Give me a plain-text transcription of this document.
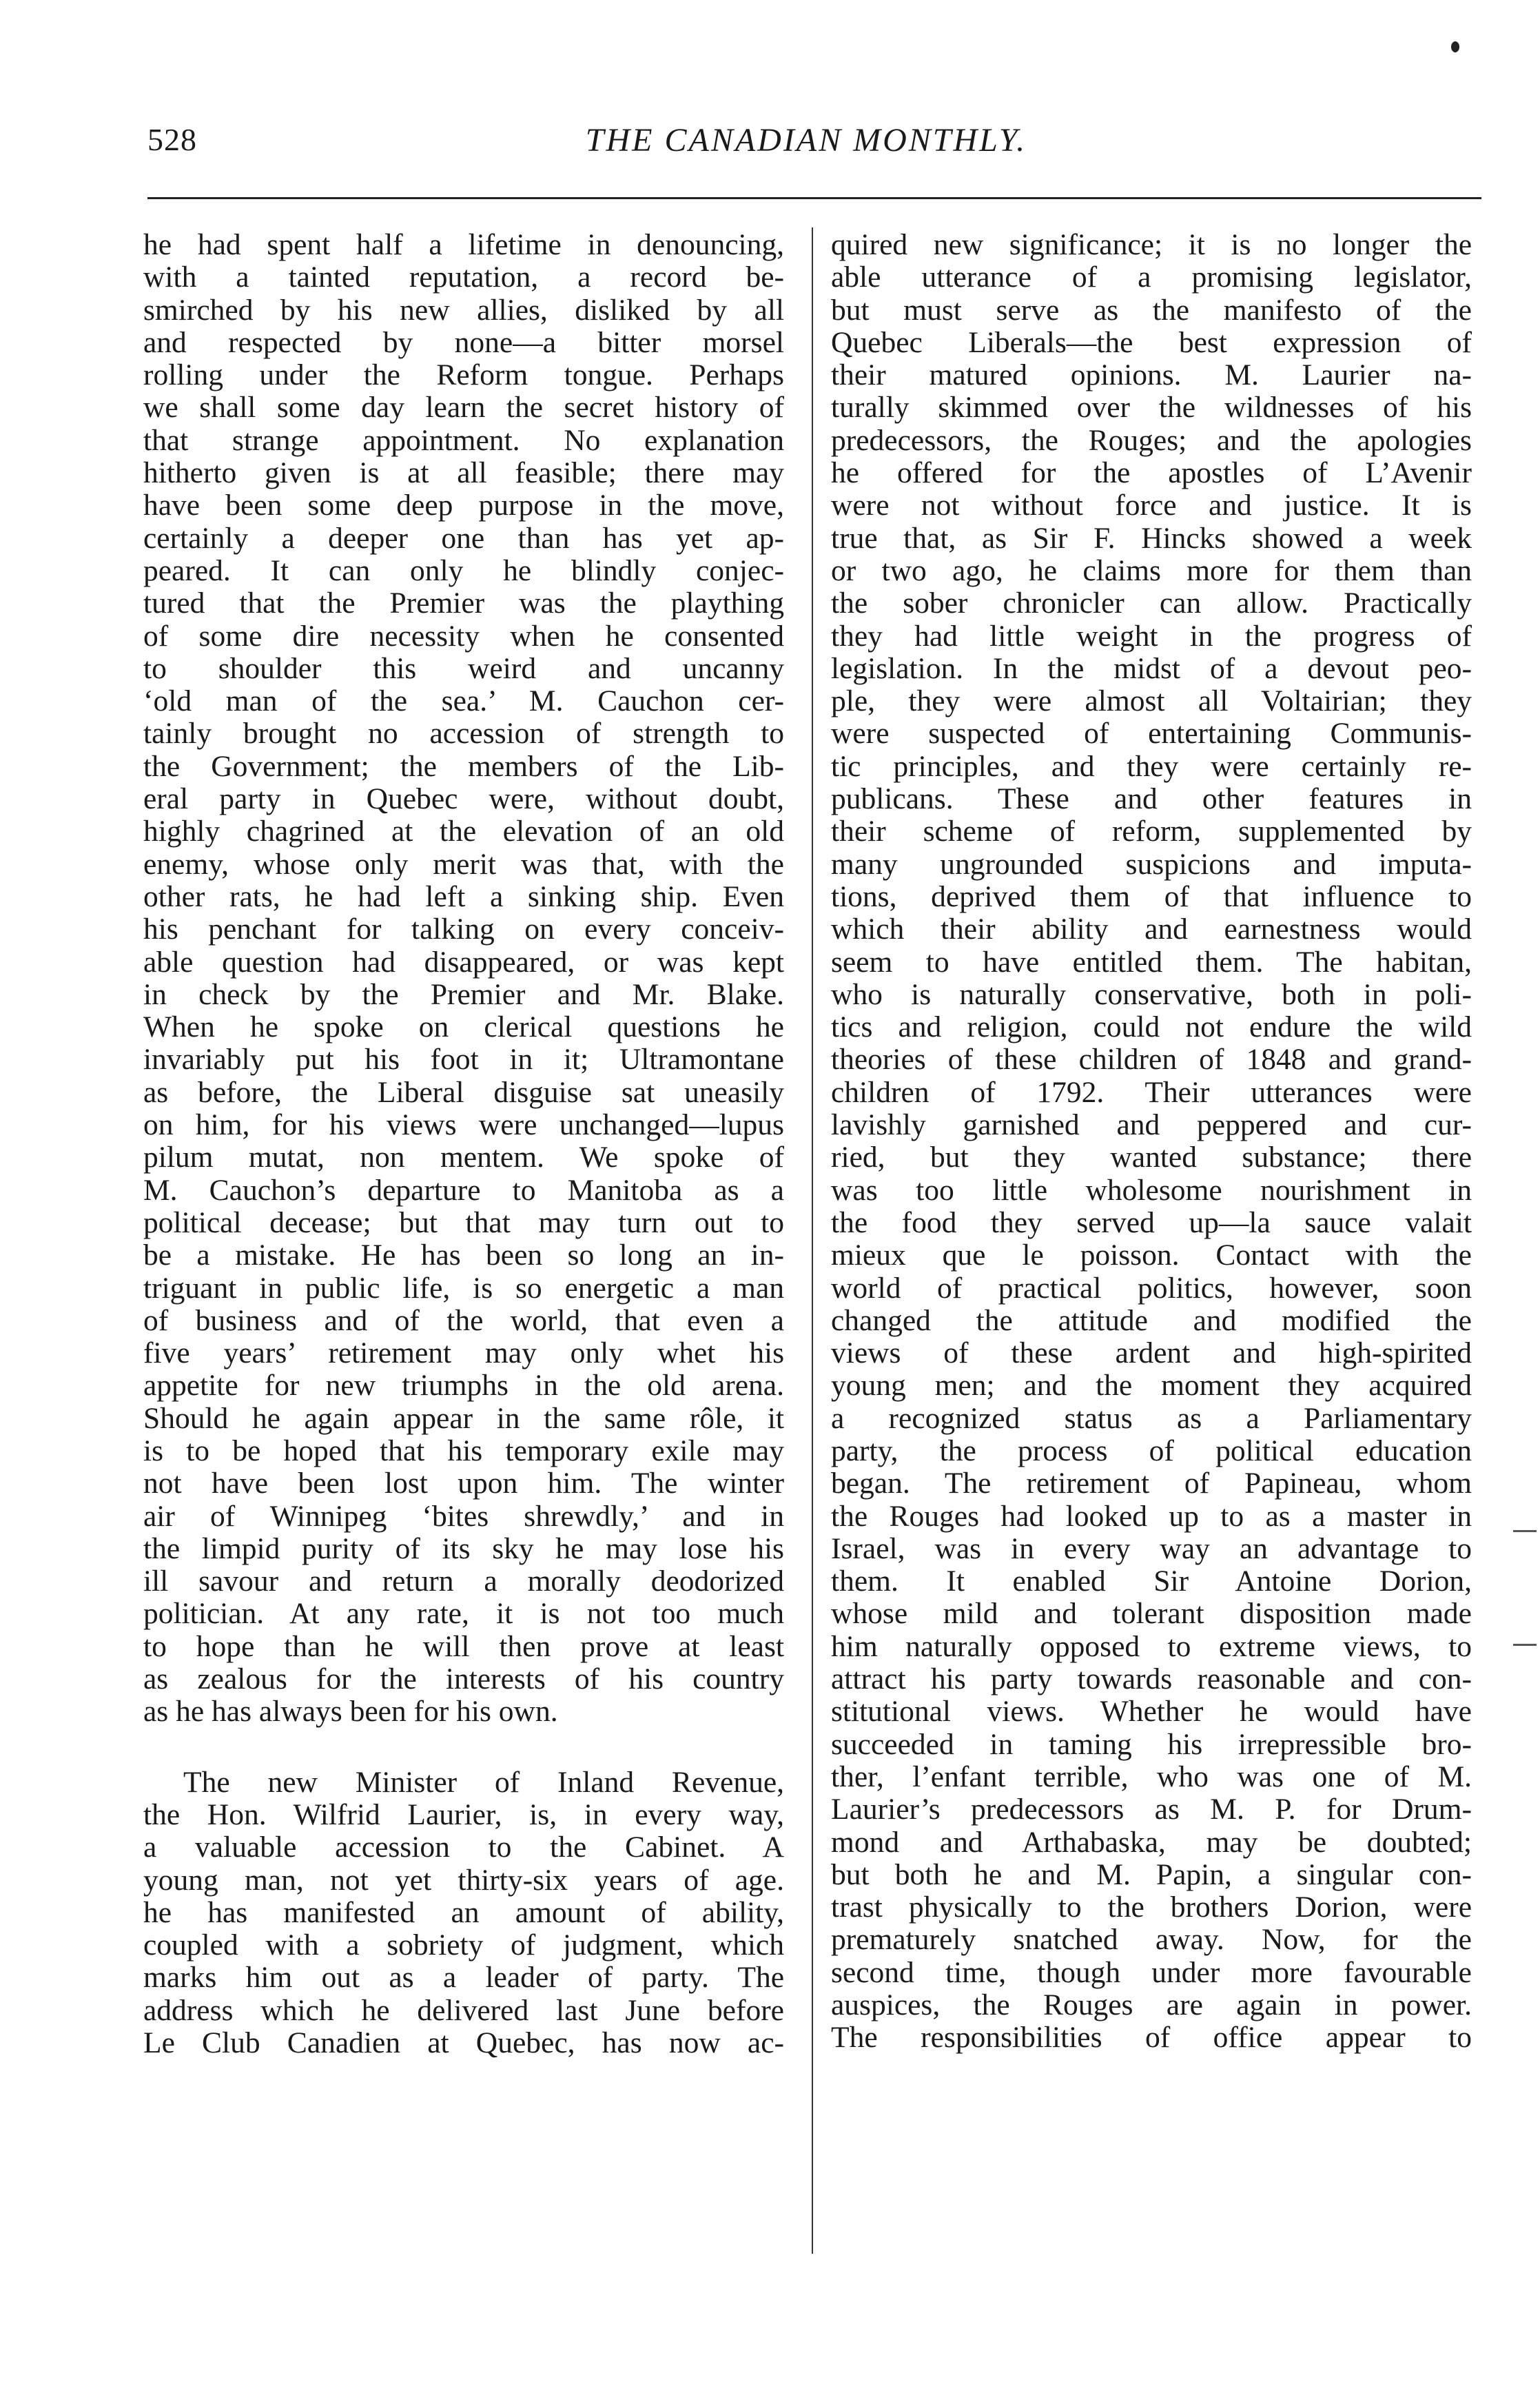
528	THE CANADIAN MONTHLY.
he had spent half a lifetime in denouncing,
with a tainted reputation, a record be-
smirched by his new allies, disliked by all
and respected by none—a bitter morsel
rolling under the Reform tongue. Perhaps
we shall some day learn the secret history of
that strange appointment. No explanation
hitherto given is at all feasible; there may
have been some deep purpose in the move,
certainly a deeper one than has yet ap-
peared. It can only he blindly conjec-
tured that the Premier was the plaything
of some dire necessity when he consented
to shoulder this weird and uncanny
‘old man of the sea.’ M. Cauchon cer-
tainly brought no accession of strength to
the Government; the members of the Lib-
eral party in Quebec were, without doubt,
highly chagrined at the elevation of an old
enemy, whose only merit was that, with the
other rats, he had left a sinking ship. Even
his penchant for talking on every conceiv-
able question had disappeared, or was kept
in check by the Premier and Mr. Blake.
When he spoke on clerical questions he
invariably put his foot in it; Ultramontane
as before, the Liberal disguise sat uneasily
on him, for his views were unchanged—lupus
pilum mutat, non mentem. We spoke of
M. Cauchon’s departure to Manitoba as a
political decease; but that may turn out to
be a mistake. He has been so long an in-
triguant in public life, is so energetic a man
of business and of the world, that even a
five years’ retirement may only whet his
appetite for new triumphs in the old arena.
Should he again appear in the same rôle, it
is to be hoped that his temporary exile may
not have been lost upon him. The winter
air of Winnipeg ‘bites shrewdly,’ and in
the limpid purity of its sky he may lose his
ill savour and return a morally deodorized
politician. At any rate, it is not too much
to hope than he will then prove at least
as zealous for the interests of his country
as he has always been for his own.
The new Minister of Inland Revenue,
the Hon. Wilfrid Laurier, is, in every way,
a valuable accession to the Cabinet. A
young man, not yet thirty-six years of age.
he has manifested an amount of ability,
coupled with a sobriety of judgment, which
marks him out as a leader of party. The
address which he delivered last June before
Le Club Canadien at Quebec, has now ac-
quired new significance; it is no longer the
able utterance of a promising legislator,
but must serve as the manifesto of the
Quebec Liberals—the best expression of
their matured opinions. M. Laurier na-
turally skimmed over the wildnesses of his
predecessors, the Rouges; and the apologies
he offered for the apostles of L’Avenir
were not without force and justice. It is
true that, as Sir F. Hincks showed a week
or two ago, he claims more for them than
the sober chronicler can allow. Practically
they had little weight in the progress of
legislation. In the midst of a devout peo-
ple, they were almost all Voltairian; they
were suspected of entertaining Communis-
tic principles, and they were certainly re-
publicans. These and other features in
their scheme of reform, supplemented by
many ungrounded suspicions and imputa-
tions, deprived them of that influence to
which their ability and earnestness would
seem to have entitled them. The habitan,
who is naturally conservative, both in poli-
tics and religion, could not endure the wild
theories of these children of 1848 and grand-
children of 1792. Their utterances were
lavishly garnished and peppered and cur-
ried, but they wanted substance; there
was too little wholesome nourishment in
the food they served up—la sauce valait
mieux que le poisson. Contact with the
world of practical politics, however, soon
changed the attitude and modified the
views of these ardent and high-spirited
young men; and the moment they acquired
a recognized status as a Parliamentary
party, the process of political education
began. The retirement of Papineau, whom
the Rouges had looked up to as a master in
Israel, was in every way an advantage to
them. It enabled Sir Antoine Dorion,
whose mild and tolerant disposition made
him naturally opposed to extreme views, to
attract his party towards reasonable and con-
stitutional views. Whether he would have
succeeded in taming his irrepressible bro-
ther, l’enfant terrible, who was one of M.
Laurier’s predecessors as M. P. for Drum-
mond and Arthabaska, may be doubted;
but both he and M. Papin, a singular con-
trast physically to the brothers Dorion, were
prematurely snatched away. Now, for the
second time, though under more favourable
auspices, the Rouges are again in power.
The responsibilities of office appear to
